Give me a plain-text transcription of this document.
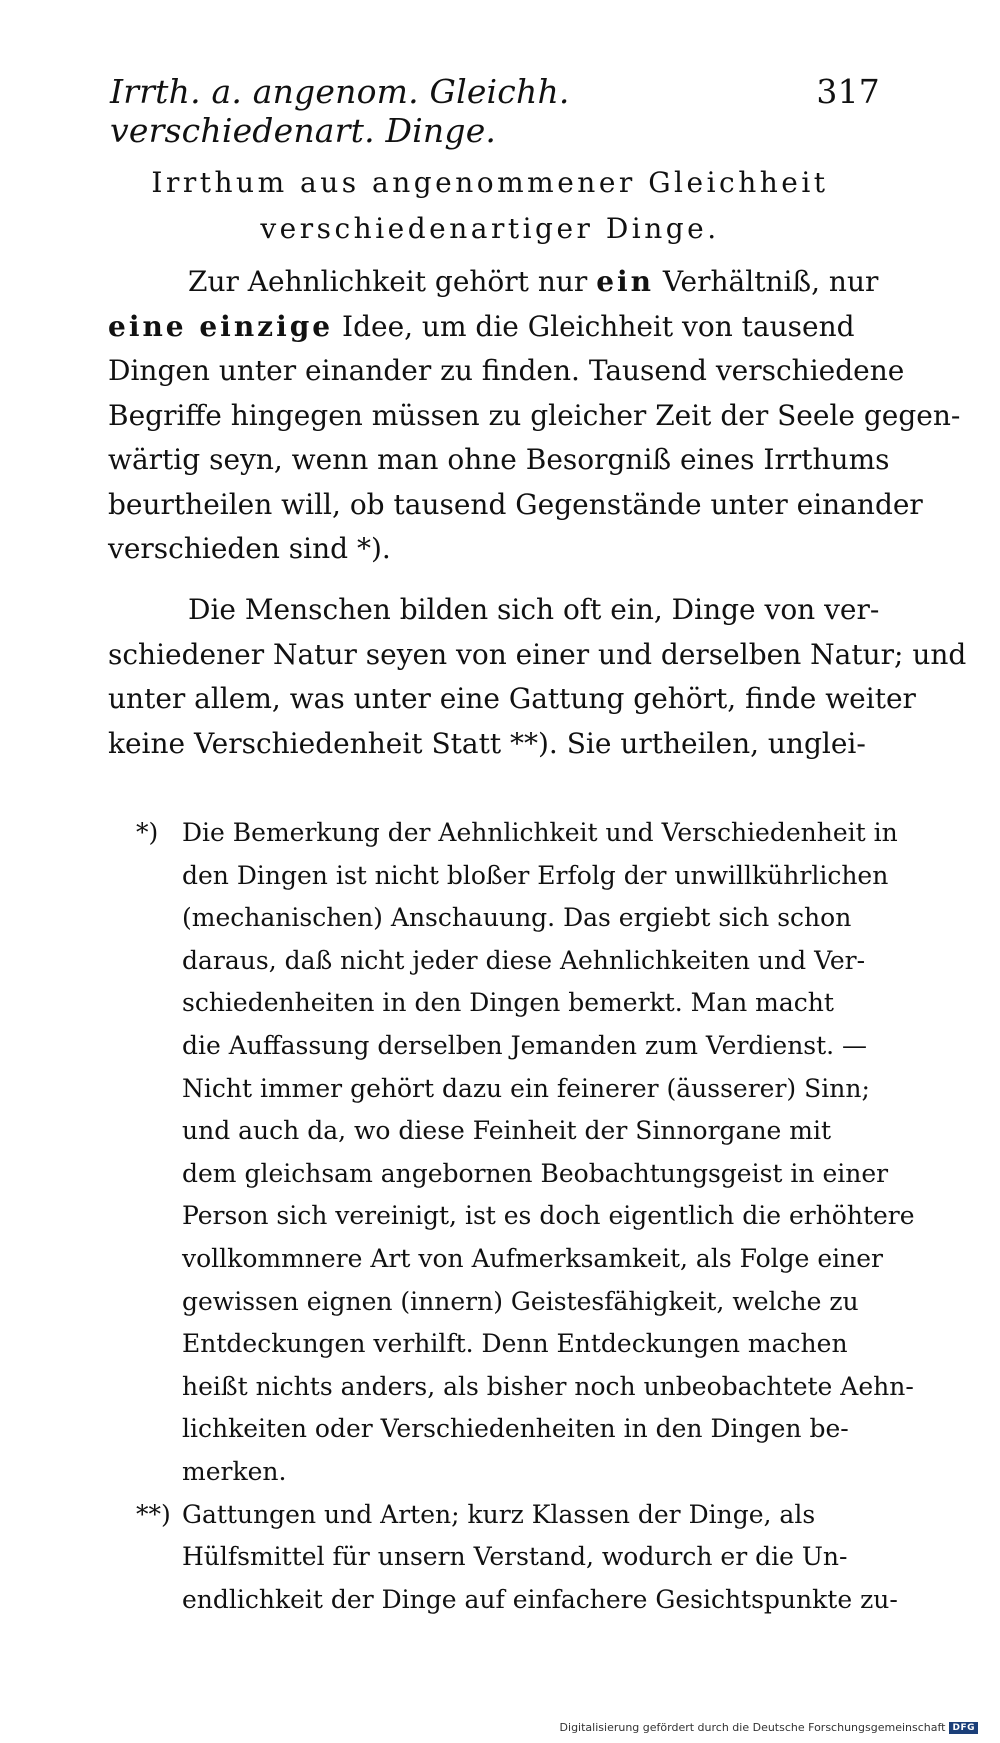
Irrth. a. angenom. Gleichh. verschiedenart. Dinge.
317
Irrthum aus angenommener Gleichheit
verschiedenartiger Dinge.
Zur Aehnlichkeit gehört nur ein Verhältniß, nur
eine einzige Idee, um die Gleichheit von tausend
Dingen unter einander zu finden. Tausend verschiedene
Begriffe hingegen müssen zu gleicher Zeit der Seele gegen-
wärtig seyn, wenn man ohne Besorgniß eines Irrthums
beurtheilen will, ob tausend Gegenstände unter einander
verschieden sind *).
Die Menschen bilden sich oft ein, Dinge von ver-
schiedener Natur seyen von einer und derselben Natur; und
unter allem, was unter eine Gattung gehört, finde weiter
keine Verschiedenheit Statt **). Sie urtheilen, unglei-
*) Die Bemerkung der Aehnlichkeit und Verschiedenheit in
den Dingen ist nicht bloßer Erfolg der unwillkührlichen
(mechanischen) Anschauung. Das ergiebt sich schon
daraus, daß nicht jeder diese Aehnlichkeiten und Ver-
schiedenheiten in den Dingen bemerkt. Man macht
die Auffassung derselben Jemanden zum Verdienst. —
Nicht immer gehört dazu ein feinerer (äusserer) Sinn;
und auch da, wo diese Feinheit der Sinnorgane mit
dem gleichsam angebornen Beobachtungsgeist in einer
Person sich vereinigt, ist es doch eigentlich die erhöhtere
vollkommnere Art von Aufmerksamkeit, als Folge einer
gewissen eignen (innern) Geistesfähigkeit, welche zu
Entdeckungen verhilft. Denn Entdeckungen machen
heißt nichts anders, als bisher noch unbeobachtete Aehn-
lichkeiten oder Verschiedenheiten in den Dingen be-
merken.
**) Gattungen und Arten; kurz Klassen der Dinge, als
Hülfsmittel für unsern Verstand, wodurch er die Un-
endlichkeit der Dinge auf einfachere Gesichtspunkte zu-
Digitalisierung gefördert durch die Deutsche Forschungsgemeinschaft DFG
